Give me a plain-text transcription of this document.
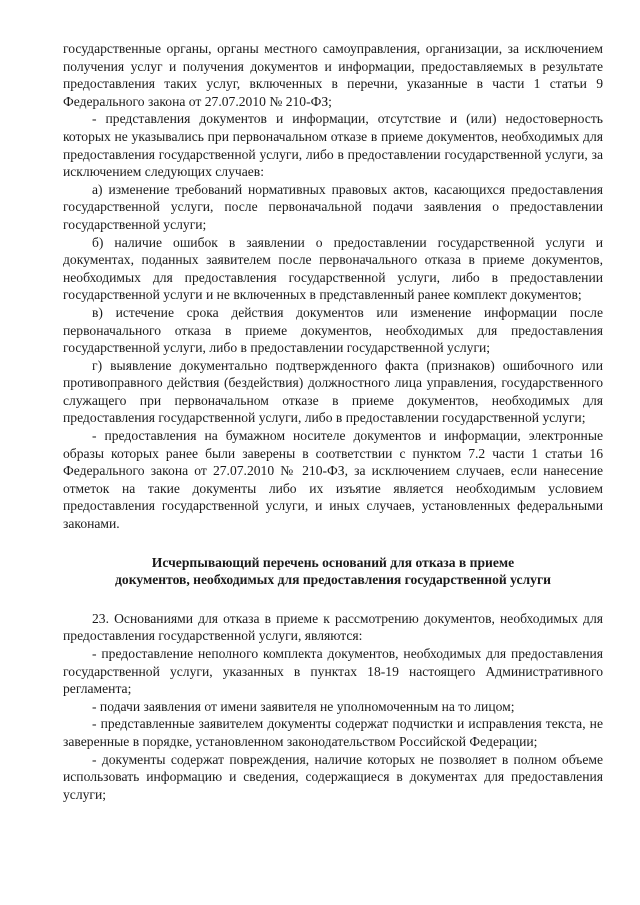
государственные органы, органы местного самоуправления, организации, за исключением получения услуг и получения документов и информации, предоставляемых в результате предоставления таких услуг, включенных в перечни, указанные в части 1 статьи 9 Федерального закона от 27.07.2010 № 210-ФЗ;

- представления документов и информации, отсутствие и (или) недостоверность которых не указывались при первоначальном отказе в приеме документов, необходимых для предоставления государственной услуги, либо в предоставлении государственной услуги, за исключением следующих случаев:

а) изменение требований нормативных правовых актов, касающихся предоставления государственной услуги, после первоначальной подачи заявления о предоставлении государственной услуги;

б) наличие ошибок в заявлении о предоставлении государственной услуги и документах, поданных заявителем после первоначального отказа в приеме документов, необходимых для предоставления государственной услуги, либо в предоставлении государственной услуги и не включенных в представленный ранее комплект документов;

в) истечение срока действия документов или изменение информации после первоначального отказа в приеме документов, необходимых для предоставления государственной услуги, либо в предоставлении государственной услуги;

г) выявление документально подтвержденного факта (признаков) ошибочного или противоправного действия (бездействия) должностного лица управления, государственного служащего при первоначальном отказе в приеме документов, необходимых для предоставления государственной услуги, либо в предоставлении государственной услуги;

- предоставления на бумажном носителе документов и информации, электронные образы которых ранее были заверены в соответствии с пунктом 7.2 части 1 статьи 16 Федерального закона от 27.07.2010 № 210-ФЗ, за исключением случаев, если нанесение отметок на такие документы либо их изъятие является необходимым условием предоставления государственной услуги, и иных случаев, установленных федеральными законами.

Исчерпывающий перечень оснований для отказа в приеме
документов, необходимых для предоставления государственной услуги

23. Основаниями для отказа в приеме к рассмотрению документов, необходимых для предоставления государственной услуги, являются:

- предоставление неполного комплекта документов, необходимых для предоставления государственной услуги, указанных в пунктах 18-19 настоящего Административного регламента;

- подачи заявления от имени заявителя не уполномоченным на то лицом;

- представленные заявителем документы содержат подчистки и исправления текста, не заверенные в порядке, установленном законодательством Российской Федерации;

- документы содержат повреждения, наличие которых не позволяет в полном объеме использовать информацию и сведения, содержащиеся в документах для предоставления услуги;
